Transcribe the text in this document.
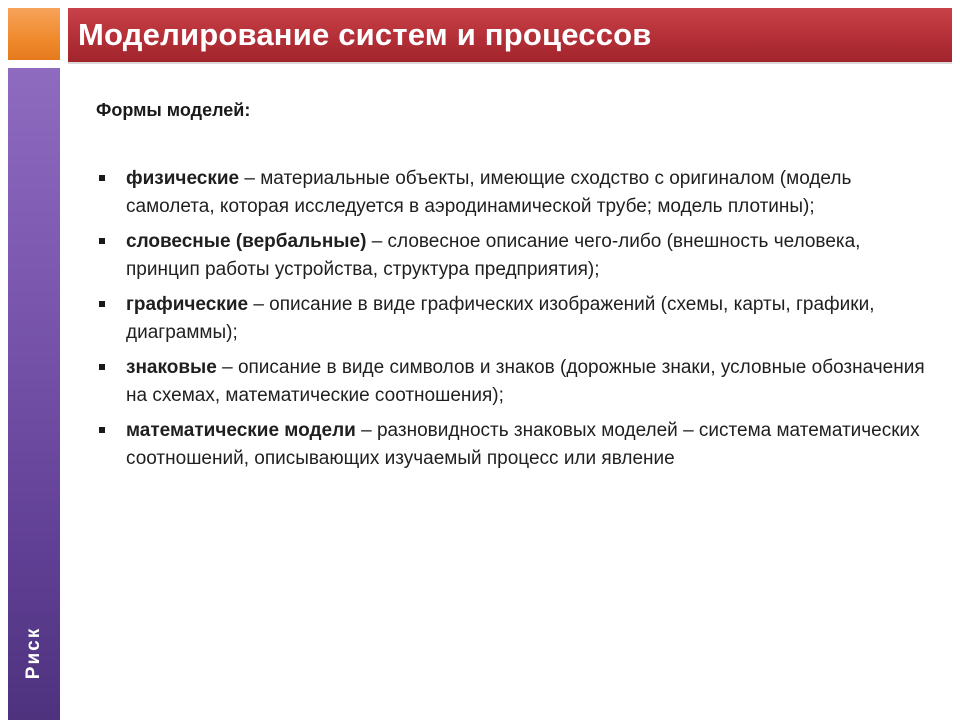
Моделирование систем и процессов
Риск
Формы моделей:
физические – материальные объекты, имеющие сходство с оригиналом (модель самолета, которая исследуется в аэродинамической трубе; модель плотины);
словесные (вербальные) – словесное описание чего-либо (внешность человека, принцип работы устройства, структура предприятия);
графические – описание в виде графических изображений (схемы, карты, графики, диаграммы);
знаковые – описание в виде символов и знаков (дорожные знаки, условные обозначения на схемах, математические соотношения);
математические модели – разновидность знаковых моделей – система математических соотношений, описывающих изучаемый процесс или явление
